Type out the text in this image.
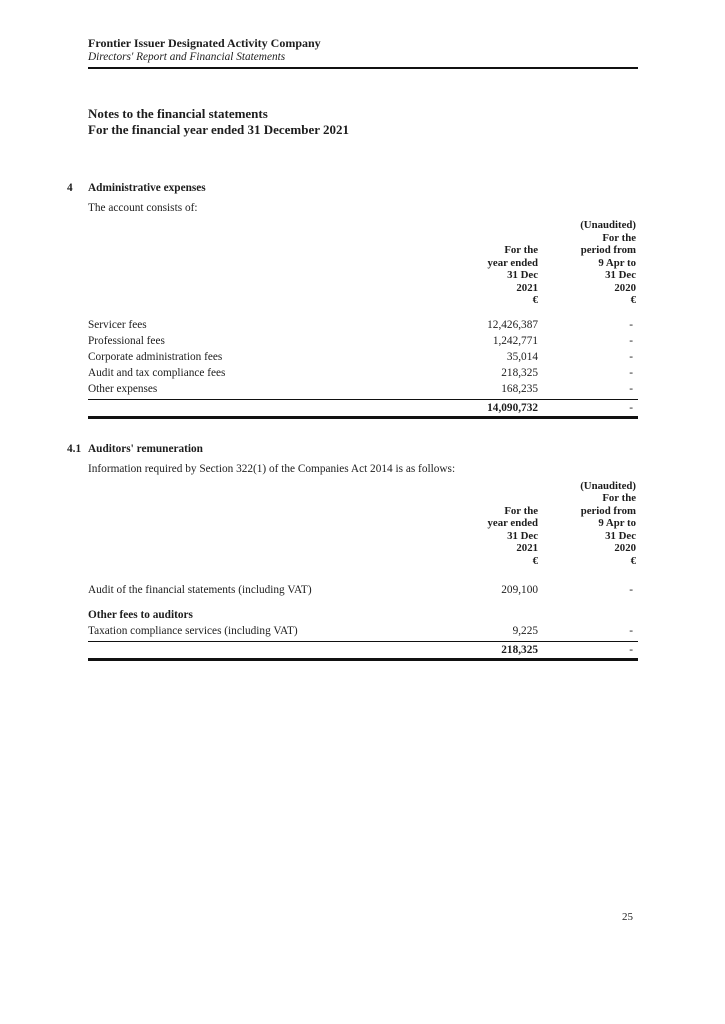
Frontier Issuer Designated Activity Company
Directors' Report and Financial Statements
Notes to the financial statements
For the financial year ended 31 December 2021
4	Administrative expenses
The account consists of:
For the
year ended
31 Dec
2021
€
(Unaudited)
For the
period from
9 Apr to
31 Dec
2020
€
Servicer fees	12,426,387	-
Professional fees	1,242,771	-
Corporate administration fees	35,014	-
Audit and tax compliance fees	218,325	-
Other expenses	168,235	-
14,090,732	-
4.1 Auditors' remuneration
Information required by Section 322(1) of the Companies Act 2014 is as follows:
For the
year ended
31 Dec
2021
€
(Unaudited)
For the
period from
9 Apr to
31 Dec
2020
€
Audit of the financial statements (including VAT)	209,100	-
Other fees to auditors
Taxation compliance services (including VAT)	9,225	-
218,325	-
25
